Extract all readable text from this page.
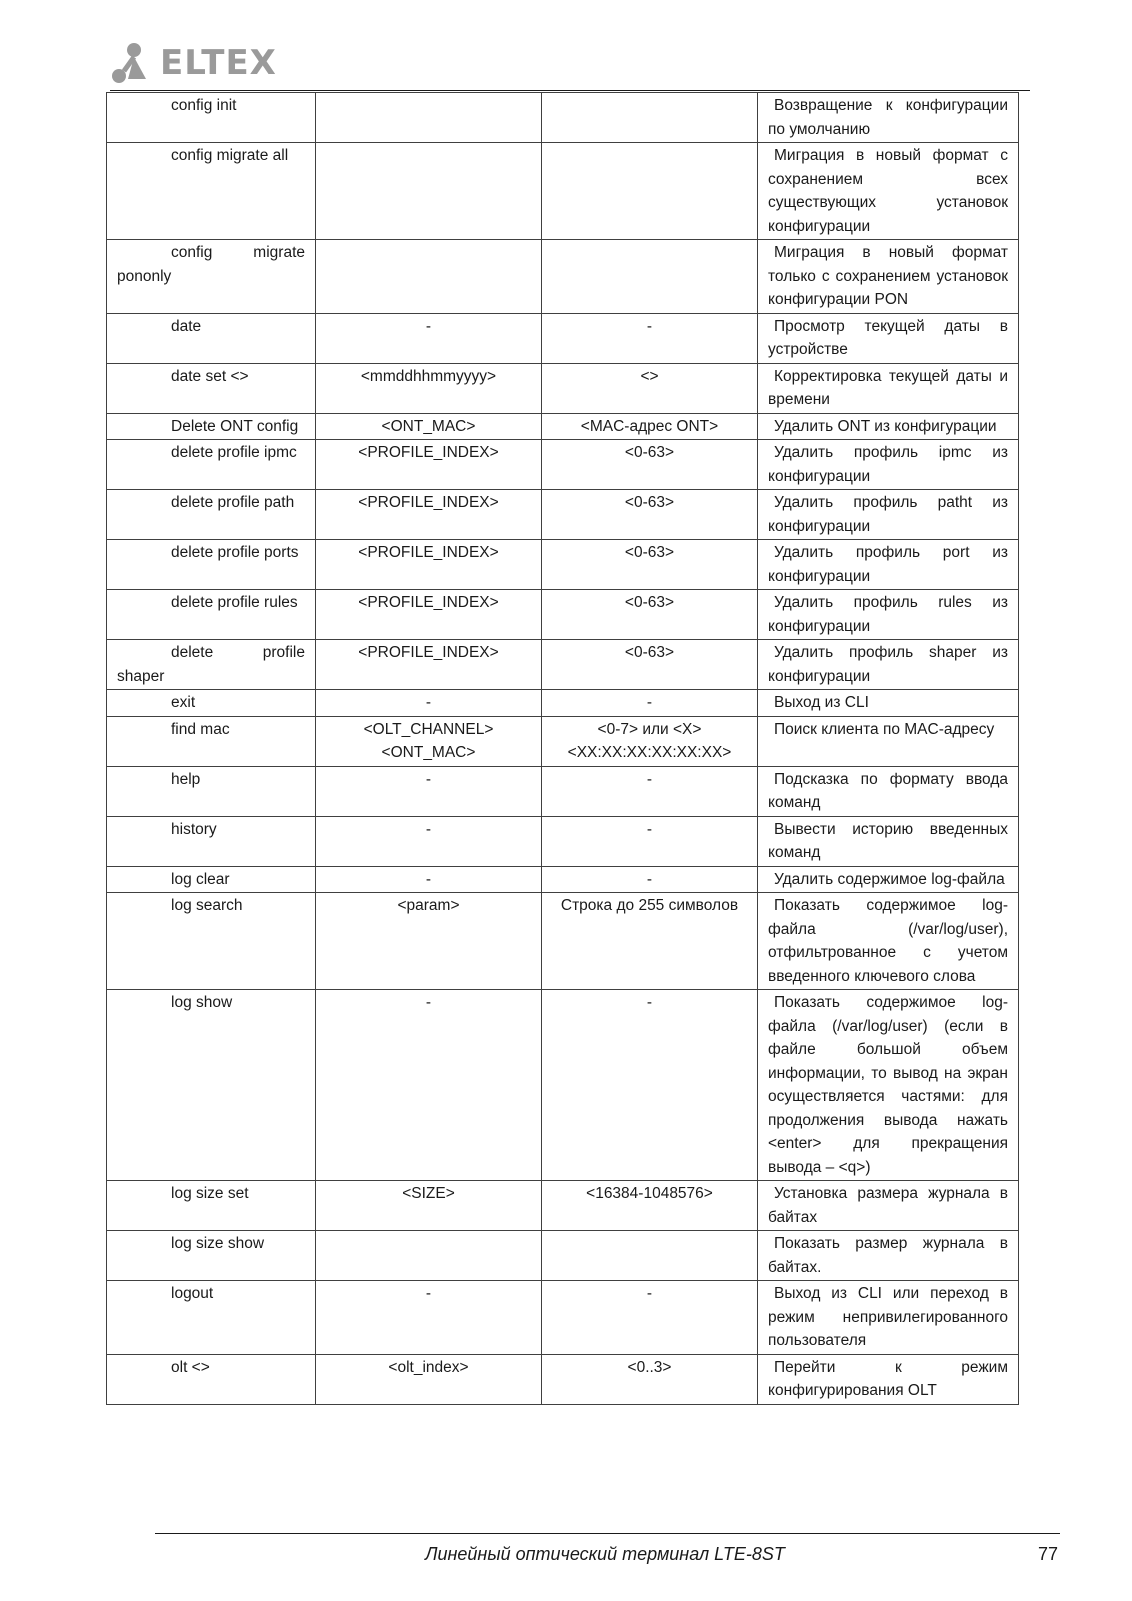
ELTEX
config init			Возвращение к конфигурации по умолчанию
config migrate all			Миграция в новый формат с сохранением всех существующих установок конфигурации
config migrate pononly			Миграция в новый формат только с сохранением установок конфигурации PON
date	-	-	Просмотр текущей даты в устройстве
date set <>	<mmddhhmmyyyy>	<>	Корректировка текущей даты и времени
Delete ONT config	<ONT_MAC>	<MAC-адрес ONT>	Удалить ONT из конфигурации
delete profile ipmc	<PROFILE_INDEX>	<0-63>	Удалить профиль ipmc из конфигурации
delete profile path	<PROFILE_INDEX>	<0-63>	Удалить профиль patht из конфигурации
delete profile ports	<PROFILE_INDEX>	<0-63>	Удалить профиль port из конфигурации
delete profile rules	<PROFILE_INDEX>	<0-63>	Удалить профиль rules из конфигурации
delete profile shaper	<PROFILE_INDEX>	<0-63>	Удалить профиль shaper из конфигурации
exit	-	-	Выход из CLI
find mac	<OLT_CHANNEL> <ONT_MAC>	<0-7> или <X> <XX:XX:XX:XX:XX:XX>	Поиск клиента по MAC-адресу
help	-	-	Подсказка по формату ввода команд
history	-	-	Вывести историю введенных команд
log clear	-	-	Удалить содержимое log-файла
log search	<param>	Строка до 255 символов	Показать содержимое log-файла (/var/log/user), отфильтрованное с учетом введенного ключевого слова
log show	-	-	Показать содержимое log-файла (/var/log/user) (если в файле большой объем информации, то вывод на экран осуществляется частями: для продолжения вывода нажать <enter> для прекращения вывода – <q>)
log size set	<SIZE>	<16384-1048576>	Установка размера журнала в байтах
log size show			Показать размер журнала в байтах.
logout	-	-	Выход из CLI или переход в режим непривилегированного пользователя
olt <>	<olt_index>	<0..3>	Перейти к режим конфигурирования OLT
Линейный оптический терминал LTE-8ST	77
